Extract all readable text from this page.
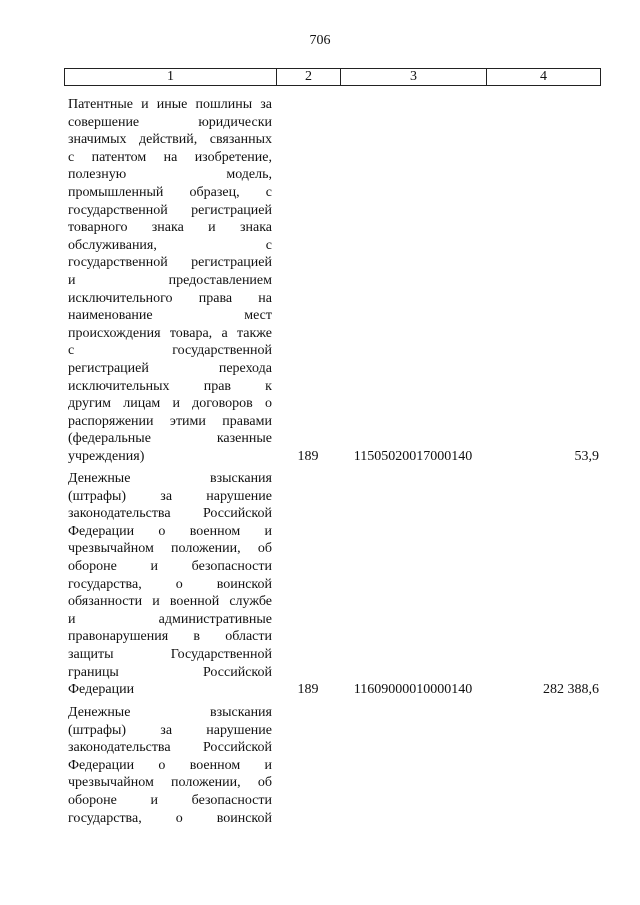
706
1	2	3	4
Патентные и иные пошлины за
совершение юридически
значимых действий, связанных
с патентом на изобретение,
полезную модель,
промышленный образец, с
государственной регистрацией
товарного знака и знака
обслуживания, с
государственной регистрацией
и предоставлением
исключительного права на
наименование мест
происхождения товара, а также
с государственной
регистрацией перехода
исключительных прав к
другим лицам и договоров о
распоряжении этими правами
(федеральные казенные
учреждения)	189	11505020017000140	53,9
Денежные взыскания
(штрафы) за нарушение
законодательства Российской
Федерации о военном и
чрезвычайном положении, об
обороне и безопасности
государства, о воинской
обязанности и военной службе
и административные
правонарушения в области
защиты Государственной
границы Российской
Федерации	189	11609000010000140	282 388,6
Денежные взыскания
(штрафы) за нарушение
законодательства Российской
Федерации о военном и
чрезвычайном положении, об
обороне и безопасности
государства, о воинской
